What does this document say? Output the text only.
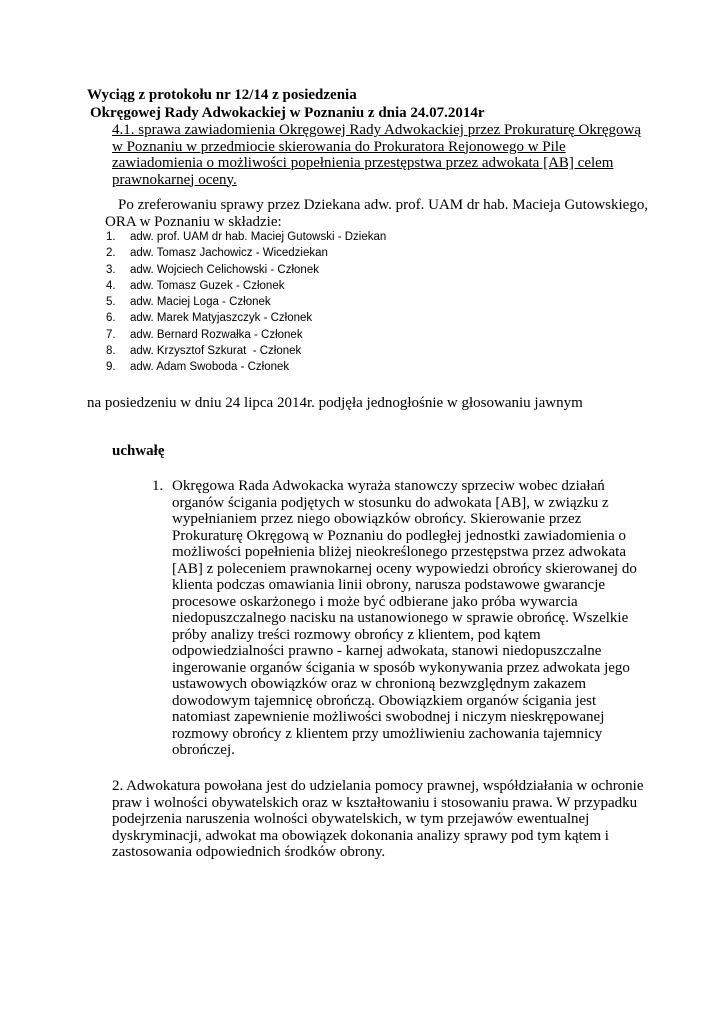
Wyciąg z protokołu nr 12/14 z posiedzenia
Okręgowej Rady Adwokackiej w Poznaniu z dnia 24.07.2014r
4.1. sprawa zawiadomienia Okręgowej Rady Adwokackiej przez Prokuraturę Okręgową
w Poznaniu w przedmiocie skierowania do Prokuratora Rejonowego w Pile
zawiadomienia o możliwości popełnienia przestępstwa przez adwokata [AB] celem
prawnokarnej oceny.
Po zreferowaniu sprawy przez Dziekana adw. prof. UAM dr hab. Macieja Gutowskiego,
ORA w Poznaniu w składzie:
1.	adw. prof. UAM dr hab. Maciej Gutowski - Dziekan
2.	adw. Tomasz Jachowicz - Wicedziekan
3.	adw. Wojciech Celichowski - Członek
4.	adw. Tomasz Guzek - Członek
5.	adw. Maciej Loga - Członek
6.	adw. Marek Matyjaszczyk - Członek
7.	adw. Bernard Rozwałka - Członek
8.	adw. Krzysztof Szkurat  - Członek
9.	adw. Adam Swoboda - Członek
na posiedzeniu w dniu 24 lipca 2014r. podjęła jednogłośnie w głosowaniu jawnym
uchwałę
1. Okręgowa Rada Adwokacka wyraża stanowczy sprzeciw wobec działań
organów ścigania podjętych w stosunku do adwokata [AB], w związku z
wypełnianiem przez niego obowiązków obrońcy. Skierowanie przez
Prokuraturę Okręgową w Poznaniu do podległej jednostki zawiadomienia o
możliwości popełnienia bliżej nieokreślonego przestępstwa przez adwokata
[AB] z poleceniem prawnokarnej oceny wypowiedzi obrońcy skierowanej do
klienta podczas omawiania linii obrony, narusza podstawowe gwarancje
procesowe oskarżonego i może być odbierane jako próba wywarcia
niedopuszczalnego nacisku na ustanowionego w sprawie obrońcę. Wszelkie
próby analizy treści rozmowy obrońcy z klientem, pod kątem
odpowiedzialności prawno - karnej adwokata, stanowi niedopuszczalne
ingerowanie organów ścigania w sposób wykonywania przez adwokata jego
ustawowych obowiązków oraz w chronioną bezwzględnym zakazem
dowodowym tajemnicę obrończą. Obowiązkiem organów ścigania jest
natomiast zapewnienie możliwości swobodnej i niczym nieskrępowanej
rozmowy obrońcy z klientem przy umożliwieniu zachowania tajemnicy
obrończej.
2. Adwokatura powołana jest do udzielania pomocy prawnej, współdziałania w ochronie
praw i wolności obywatelskich oraz w kształtowaniu i stosowaniu prawa. W przypadku
podejrzenia naruszenia wolności obywatelskich, w tym przejawów ewentualnej
dyskryminacji, adwokat ma obowiązek dokonania analizy sprawy pod tym kątem i
zastosowania odpowiednich środków obrony.
